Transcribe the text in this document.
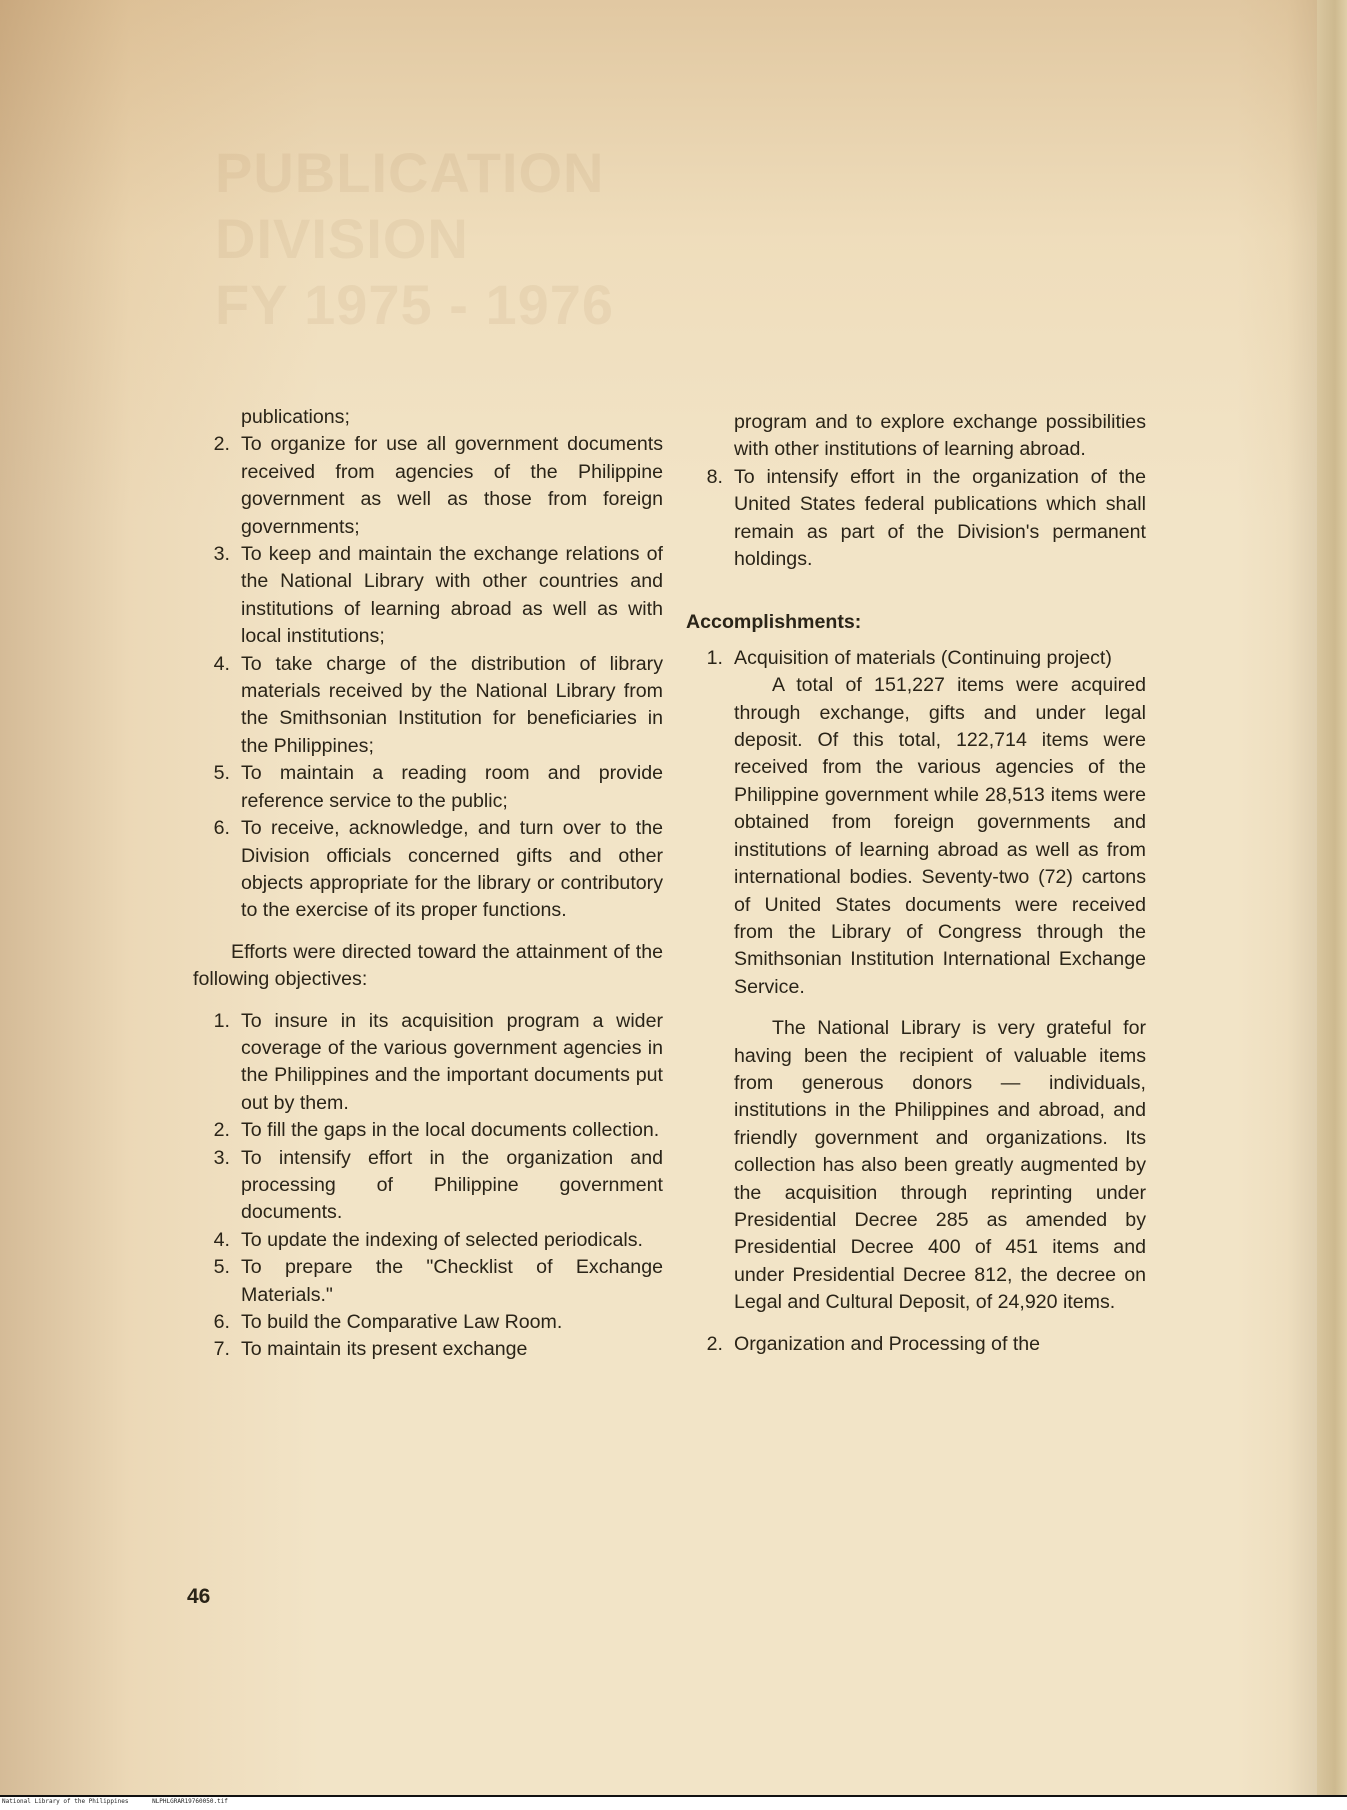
PUBLICATION
DIVISION
FY 1975 - 1976
publications;
2. To organize for use all government documents received from agencies of the Philippine government as well as those from foreign governments;
3. To keep and maintain the exchange relations of the National Library with other countries and institutions of learning abroad as well as with local institutions;
4. To take charge of the distribution of library materials received by the National Library from the Smithsonian Institution for beneficiaries in the Philippines;
5. To maintain a reading room and provide reference service to the public;
6. To receive, acknowledge, and turn over to the Division officials concerned gifts and other objects appropriate for the library or contributory to the exercise of its proper functions.
Efforts were directed toward the attainment of the following objectives:
1. To insure in its acquisition program a wider coverage of the various government agencies in the Philippines and the important documents put out by them.
2. To fill the gaps in the local documents collection.
3. To intensify effort in the organization and processing of Philippine government documents.
4. To update the indexing of selected periodicals.
5. To prepare the "Checklist of Exchange Materials."
6. To build the Comparative Law Room.
7. To maintain its present exchange
program and to explore exchange possibilities with other institutions of learning abroad.
8. To intensify effort in the organization of the United States federal publications which shall remain as part of the Division's permanent holdings.
Accomplishments:
1. Acquisition of materials (Continuing project)
A total of 151,227 items were acquired through exchange, gifts and under legal deposit. Of this total, 122,714 items were received from the various agencies of the Philippine government while 28,513 items were obtained from foreign governments and institutions of learning abroad as well as from international bodies. Seventy-two (72) cartons of United States documents were received from the Library of Congress through the Smithsonian Institution International Exchange Service.
The National Library is very grateful for having been the recipient of valuable items from generous donors — individuals, institutions in the Philippines and abroad, and friendly government and organizations. Its collection has also been greatly augmented by the acquisition through reprinting under Presidential Decree 285 as amended by Presidential Decree 400 of 451 items and under Presidential Decree 812, the decree on Legal and Cultural Deposit, of 24,920 items.
2. Organization and Processing of the
46
National Library of the Philippines	NLPHLGRAR19760050.tif
